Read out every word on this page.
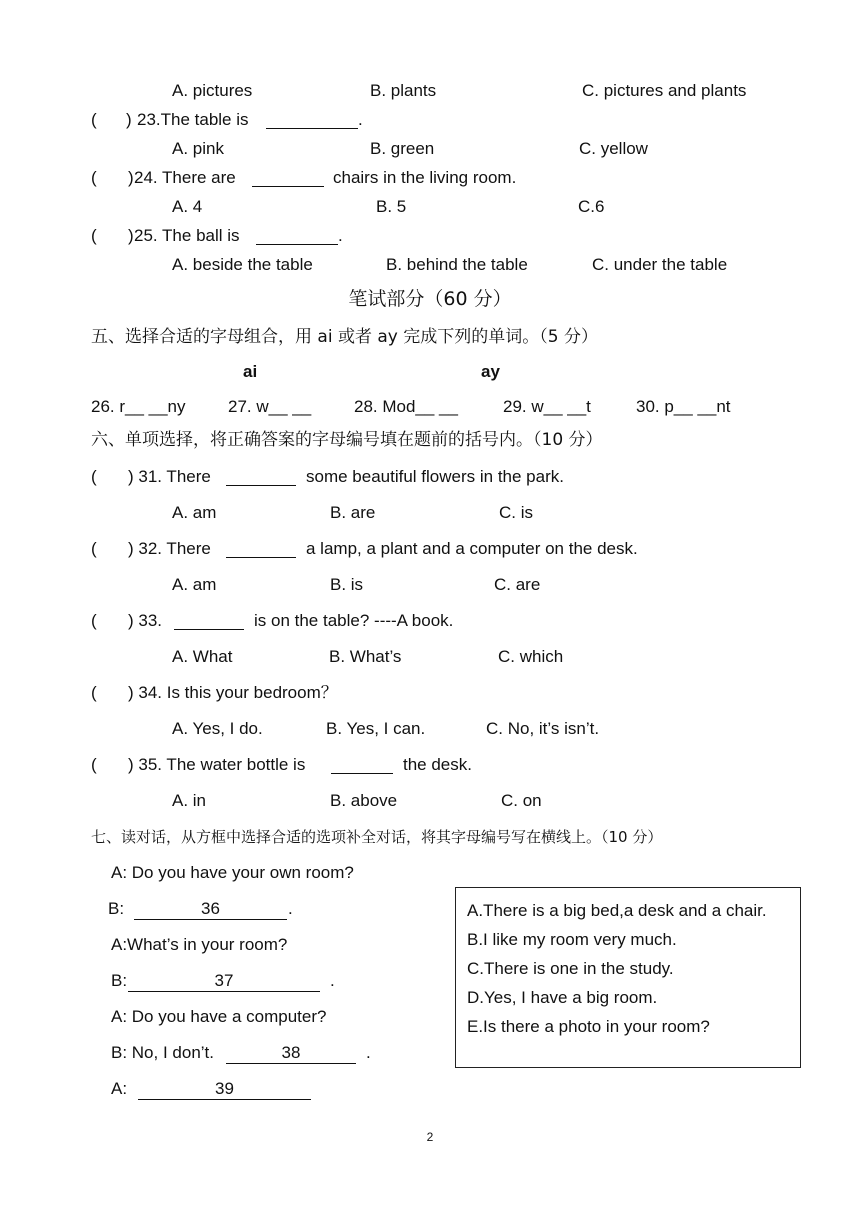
A. pictures	B. plants	C. pictures and plants
( ) 23.The table is	.
A. pink	B. green	C. yellow
( ) 24. There are	chairs in the living room.
A. 4	B. 5	C.6
( ) 25. The ball is	.
A. beside the table	B. behind the table	C. under the table
笔试部分（60 分）
五、选择合适的字母组合，用 ai 或者 ay 完成下列的单词。（5 分）
ai	ay
26. r__ __ny 27. w__ __	28. Mod__ __	29. w__ __t	30. p__ __nt
六、单项选择，将正确答案的字母编号填在题前的括号内。（10 分）
( ) 31. There	some beautiful flowers in the park.
A. am	B. are	C. is
( ) 32. There	a lamp, a plant and a computer on the desk.
A. am	B. is	C. are
( ) 33.	is on the table? ----A book.
A. What	B. What’s	C. which
( ) 34. Is this your bedroom？
A. Yes, I do.	B. Yes, I can.	C. No, it’s isn’t.
( ) 35. The water bottle is	the desk.
A. in	B. above	C. on
七、读对话，从方框中选择合适的选项补全对话，将其字母编号写在横线上。（10 分）
A: Do you have your own room?
B:	36	.
A:What’s in your room?
B:	37	.
A: Do you have a computer?
B: No, I don’t.	38	.
A:	39
A.There is a big bed,a desk and a chair.
B.I like my room very much.
C.There is one in the study.
D.Yes, I have a big room.
E.Is there a photo in your room?
2
